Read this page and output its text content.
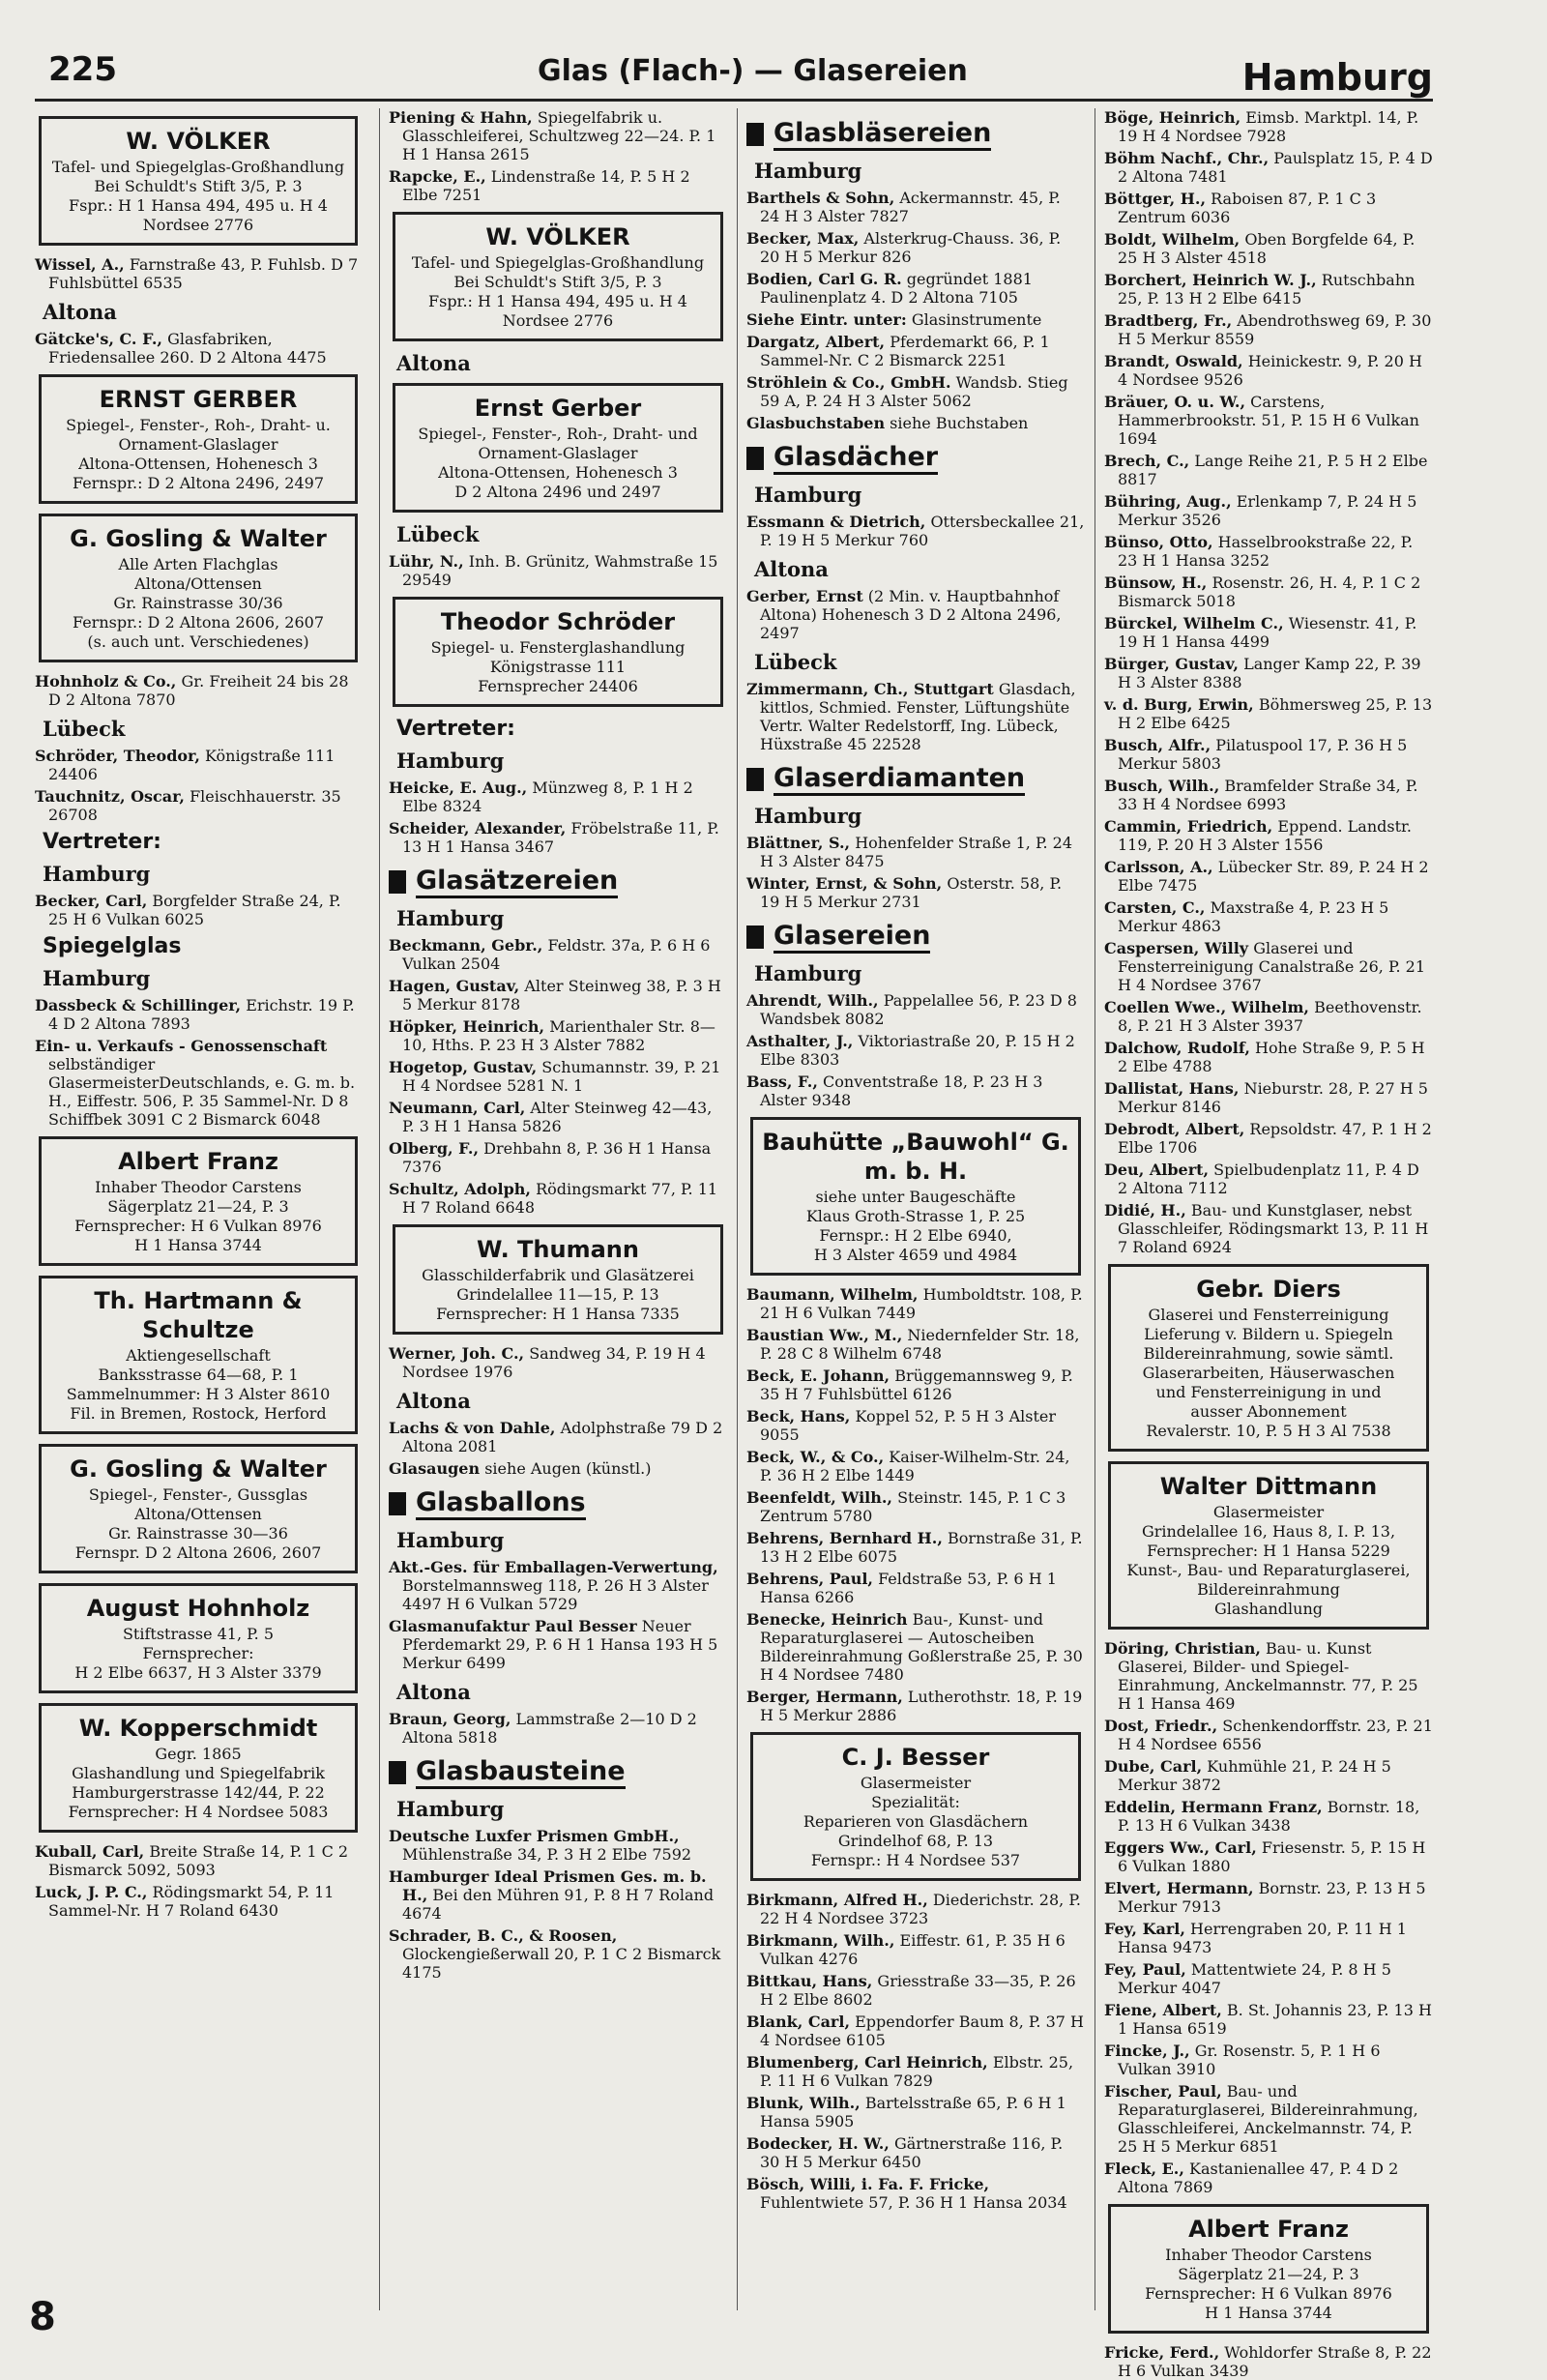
225	Glas (Flach-) — Glasereien	Hamburg
W. VÖLKER
Tafel- und Spiegelglas-Großhandlung
Bei Schuldt's Stift 3/5, P. 3
Fspr.: H 1 Hansa 494, 495 u. H 4 Nordsee 2776
Wissel, A., Farnstraße 43, P. Fuhlsb. D 7 Fuhlsbüttel 6535
Altona
Gätcke's, C. F., Glasfabriken, Friedensallee 260. D 2 Altona 4475
ERNST GERBER
Spiegel-, Fenster-, Roh-, Draht- u. Ornament-Glaslager
Altona-Ottensen, Hohenesch 3
Fernspr.: D 2 Altona 2496, 2497
G. Gosling & Walter
Alle Arten Flachglas
Altona/Ottensen
Gr. Rainstrasse 30/36
Fernspr.: D 2 Altona 2606, 2607
(s. auch unt. Verschiedenes)
Hohnholz & Co., Gr. Freiheit 24 bis 28 D 2 Altona 7870
Lübeck
Schröder, Theodor, Königstraße 111 24406
Tauchnitz, Oscar, Fleischhauerstr. 35 26708
Vertreter:
Hamburg
Becker, Carl, Borgfelder Straße 24, P. 25 H 6 Vulkan 6025
Spiegelglas
Hamburg
Dassbeck & Schillinger, Erichstr. 19 P. 4 D 2 Altona 7893
Ein- u. Verkaufs - Genossenschaft selbständiger GlasermeisterDeutschlands, e. G. m. b. H., Eiffestr. 506, P. 35 Sammel-Nr. D 8 Schiffbek 3091 C 2 Bismarck 6048
Albert Franz
Inhaber Theodor Carstens
Sägerplatz 21—24, P. 3
Fernsprecher: H 6 Vulkan 8976
H 1 Hansa 3744
Th. Hartmann & Schultze
Aktiengesellschaft
Banksstrasse 64—68, P. 1
Sammelnummer: H 3 Alster 8610
Fil. in Bremen, Rostock, Herford
G. Gosling & Walter
Spiegel-, Fenster-, Gussglas
Altona/Ottensen
Gr. Rainstrasse 30—36
Fernspr. D 2 Altona 2606, 2607
August Hohnholz
Stiftstrasse 41, P. 5
Fernsprecher:
H 2 Elbe 6637, H 3 Alster 3379
W. Kopperschmidt
Gegr. 1865
Glashandlung und Spiegelfabrik
Hamburgerstrasse 142/44, P. 22
Fernsprecher: H 4 Nordsee 5083
Kuball, Carl, Breite Straße 14, P. 1 C 2 Bismarck 5092, 5093
Luck, J. P. C., Rödingsmarkt 54, P. 11 Sammel-Nr. H 7 Roland 6430
Piening & Hahn, Spiegelfabrik u. Glasschleiferei, Schultzweg 22—24. P. 1 H 1 Hansa 2615
Rapcke, E., Lindenstraße 14, P. 5 H 2 Elbe 7251
W. VÖLKER
Tafel- und Spiegelglas-Großhandlung
Bei Schuldt's Stift 3/5, P. 3
Fspr.: H 1 Hansa 494, 495 u. H 4 Nordsee 2776
Altona
Ernst Gerber
Spiegel-, Fenster-, Roh-, Draht- und Ornament-Glaslager
Altona-Ottensen, Hohenesch 3
D 2 Altona 2496 und 2497
Lübeck
Lühr, N., Inh. B. Grünitz, Wahmstraße 15 29549
Theodor Schröder
Spiegel- u. Fensterglashandlung
Königstrasse 111
Fernsprecher 24406
Vertreter:
Hamburg
Heicke, E. Aug., Münzweg 8, P. 1 H 2 Elbe 8324
Scheider, Alexander, Fröbelstraße 11, P. 13 H 1 Hansa 3467
Glasätzereien
Hamburg
Beckmann, Gebr., Feldstr. 37a, P. 6 H 6 Vulkan 2504
Hagen, Gustav, Alter Steinweg 38, P. 3 H 5 Merkur 8178
Höpker, Heinrich, Marienthaler Str. 8—10, Hths. P. 23 H 3 Alster 7882
Hogetop, Gustav, Schumannstr. 39, P. 21 H 4 Nordsee 5281 N. 1
Neumann, Carl, Alter Steinweg 42—43, P. 3 H 1 Hansa 5826
Olberg, F., Drehbahn 8, P. 36 H 1 Hansa 7376
Schultz, Adolph, Rödingsmarkt 77, P. 11 H 7 Roland 6648
W. Thumann
Glasschilderfabrik und Glasätzerei
Grindelallee 11—15, P. 13
Fernsprecher: H 1 Hansa 7335
Werner, Joh. C., Sandweg 34, P. 19 H 4 Nordsee 1976
Altona
Lachs & von Dahle, Adolphstraße 79 D 2 Altona 2081
Glasaugen siehe Augen (künstl.)
Glasballons
Hamburg
Akt.-Ges. für Emballagen-Verwertung, Borstelmannsweg 118, P. 26 H 3 Alster 4497 H 6 Vulkan 5729
Glasmanufaktur Paul Besser Neuer Pferdemarkt 29, P. 6 H 1 Hansa 193 H 5 Merkur 6499
Altona
Braun, Georg, Lammstraße 2—10 D 2 Altona 5818
Glasbausteine
Hamburg
Deutsche Luxfer Prismen GmbH., Mühlenstraße 34, P. 3 H 2 Elbe 7592
Hamburger Ideal Prismen Ges. m. b. H., Bei den Mühren 91, P. 8 H 7 Roland 4674
Schrader, B. C., & Roosen, Glockengießerwall 20, P. 1 C 2 Bismarck 4175
Glasbläsereien
Hamburg
Barthels & Sohn, Ackermannstr. 45, P. 24 H 3 Alster 7827
Becker, Max, Alsterkrug-Chauss. 36, P. 20 H 5 Merkur 826
Bodien, Carl G. R. gegründet 1881 Paulinenplatz 4. D 2 Altona 7105
Siehe Eintr. unter: Glasinstrumente
Dargatz, Albert, Pferdemarkt 66, P. 1 Sammel-Nr. C 2 Bismarck 2251
Ströhlein & Co., GmbH. Wandsb. Stieg 59 A, P. 24 H 3 Alster 5062
Glasbuchstaben siehe Buchstaben
Glasdächer
Hamburg
Essmann & Dietrich, Ottersbeckallee 21, P. 19 H 5 Merkur 760
Altona
Gerber, Ernst (2 Min. v. Hauptbahnhof Altona) Hohenesch 3 D 2 Altona 2496, 2497
Lübeck
Zimmermann, Ch., Stuttgart Glasdach, kittlos, Schmied. Fenster, Lüftungshüte Vertr. Walter Redelstorff, Ing. Lübeck, Hüxstraße 45 22528
Glaserdiamanten
Hamburg
Blättner, S., Hohenfelder Straße 1, P. 24 H 3 Alster 8475
Winter, Ernst, & Sohn, Osterstr. 58, P. 19 H 5 Merkur 2731
Glasereien
Hamburg
Ahrendt, Wilh., Pappelallee 56, P. 23 D 8 Wandsbek 8082
Asthalter, J., Viktoriastraße 20, P. 15 H 2 Elbe 8303
Bass, F., Conventstraße 18, P. 23 H 3 Alster 9348
Bauhütte „Bauwohl“ G. m. b. H.
siehe unter Baugeschäfte
Klaus Groth-Strasse 1, P. 25
Fernspr.: H 2 Elbe 6940,
H 3 Alster 4659 und 4984
Baumann, Wilhelm, Humboldtstr. 108, P. 21 H 6 Vulkan 7449
Baustian Ww., M., Niedernfelder Str. 18, P. 28 C 8 Wilhelm 6748
Beck, E. Johann, Brüggemannsweg 9, P. 35 H 7 Fuhlsbüttel 6126
Beck, Hans, Koppel 52, P. 5 H 3 Alster 9055
Beck, W., & Co., Kaiser-Wilhelm-Str. 24, P. 36 H 2 Elbe 1449
Beenfeldt, Wilh., Steinstr. 145, P. 1 C 3 Zentrum 5780
Behrens, Bernhard H., Bornstraße 31, P. 13 H 2 Elbe 6075
Behrens, Paul, Feldstraße 53, P. 6 H 1 Hansa 6266
Benecke, Heinrich Bau-, Kunst- und Reparaturglaserei — Autoscheiben Bildereinrahmung Goßlerstraße 25, P. 30 H 4 Nordsee 7480
Berger, Hermann, Lutherothstr. 18, P. 19 H 5 Merkur 2886
C. J. Besser
Glasermeister
Spezialität:
Reparieren von Glasdächern
Grindelhof 68, P. 13
Fernspr.: H 4 Nordsee 537
Birkmann, Alfred H., Diederichstr. 28, P. 22 H 4 Nordsee 3723
Birkmann, Wilh., Eiffestr. 61, P. 35 H 6 Vulkan 4276
Bittkau, Hans, Griesstraße 33—35, P. 26 H 2 Elbe 8602
Blank, Carl, Eppendorfer Baum 8, P. 37 H 4 Nordsee 6105
Blumenberg, Carl Heinrich, Elbstr. 25, P. 11 H 6 Vulkan 7829
Blunk, Wilh., Bartelsstraße 65, P. 6 H 1 Hansa 5905
Bodecker, H. W., Gärtnerstraße 116, P. 30 H 5 Merkur 6450
Bösch, Willi, i. Fa. F. Fricke, Fuhlentwiete 57, P. 36 H 1 Hansa 2034
Böge, Heinrich, Eimsb. Marktpl. 14, P. 19 H 4 Nordsee 7928
Böhm Nachf., Chr., Paulsplatz 15, P. 4 D 2 Altona 7481
Böttger, H., Raboisen 87, P. 1 C 3 Zentrum 6036
Boldt, Wilhelm, Oben Borgfelde 64, P. 25 H 3 Alster 4518
Borchert, Heinrich W. J., Rutschbahn 25, P. 13 H 2 Elbe 6415
Bradtberg, Fr., Abendrothsweg 69, P. 30 H 5 Merkur 8559
Brandt, Oswald, Heinickestr. 9, P. 20 H 4 Nordsee 9526
Bräuer, O. u. W., Carstens, Hammerbrookstr. 51, P. 15 H 6 Vulkan 1694
Brech, C., Lange Reihe 21, P. 5 H 2 Elbe 8817
Bühring, Aug., Erlenkamp 7, P. 24 H 5 Merkur 3526
Bünso, Otto, Hasselbrookstraße 22, P. 23 H 1 Hansa 3252
Bünsow, H., Rosenstr. 26, H. 4, P. 1 C 2 Bismarck 5018
Bürckel, Wilhelm C., Wiesenstr. 41, P. 19 H 1 Hansa 4499
Bürger, Gustav, Langer Kamp 22, P. 39 H 3 Alster 8388
v. d. Burg, Erwin, Böhmersweg 25, P. 13 H 2 Elbe 6425
Busch, Alfr., Pilatuspool 17, P. 36 H 5 Merkur 5803
Busch, Wilh., Bramfelder Straße 34, P. 33 H 4 Nordsee 6993
Cammin, Friedrich, Eppend. Landstr. 119, P. 20 H 3 Alster 1556
Carlsson, A., Lübecker Str. 89, P. 24 H 2 Elbe 7475
Carsten, C., Maxstraße 4, P. 23 H 5 Merkur 4863
Caspersen, Willy Glaserei und Fensterreinigung Canalstraße 26, P. 21 H 4 Nordsee 3767
Coellen Wwe., Wilhelm, Beethovenstr. 8, P. 21 H 3 Alster 3937
Dalchow, Rudolf, Hohe Straße 9, P. 5 H 2 Elbe 4788
Dallistat, Hans, Nieburstr. 28, P. 27 H 5 Merkur 8146
Debrodt, Albert, Repsoldstr. 47, P. 1 H 2 Elbe 1706
Deu, Albert, Spielbudenplatz 11, P. 4 D 2 Altona 7112
Didié, H., Bau- und Kunstglaser, nebst Glasschleifer, Rödingsmarkt 13, P. 11 H 7 Roland 6924
Gebr. Diers
Glaserei und Fensterreinigung
Lieferung v. Bildern u. Spiegeln
Bildereinrahmung, sowie sämtl.
Glaserarbeiten, Häuserwaschen
und Fensterreinigung in und
ausser Abonnement
Revalerstr. 10, P. 5 H 3 Al 7538
Walter Dittmann
Glasermeister
Grindelallee 16, Haus 8, I. P. 13,
Fernsprecher: H 1 Hansa 5229
Kunst-, Bau- und Reparaturglaserei, Bildereinrahmung
Glashandlung
Döring, Christian, Bau- u. Kunst Glaserei, Bilder- und Spiegel-Einrahmung, Anckelmannstr. 77, P. 25 H 1 Hansa 469
Dost, Friedr., Schenkendorffstr. 23, P. 21 H 4 Nordsee 6556
Dube, Carl, Kuhmühle 21, P. 24 H 5 Merkur 3872
Eddelin, Hermann Franz, Bornstr. 18, P. 13 H 6 Vulkan 3438
Eggers Ww., Carl, Friesenstr. 5, P. 15 H 6 Vulkan 1880
Elvert, Hermann, Bornstr. 23, P. 13 H 5 Merkur 7913
Fey, Karl, Herrengraben 20, P. 11 H 1 Hansa 9473
Fey, Paul, Mattentwiete 24, P. 8 H 5 Merkur 4047
Fiene, Albert, B. St. Johannis 23, P. 13 H 1 Hansa 6519
Fincke, J., Gr. Rosenstr. 5, P. 1 H 6 Vulkan 3910
Fischer, Paul, Bau- und Reparaturglaserei, Bildereinrahmung, Glasschleiferei, Anckelmannstr. 74, P. 25 H 5 Merkur 6851
Fleck, E., Kastanienallee 47, P. 4 D 2 Altona 7869
Albert Franz
Inhaber Theodor Carstens
Sägerplatz 21—24, P. 3
Fernsprecher: H 6 Vulkan 8976
H 1 Hansa 3744
Fricke, Ferd., Wohldorfer Straße 8, P. 22 H 6 Vulkan 3439
8
